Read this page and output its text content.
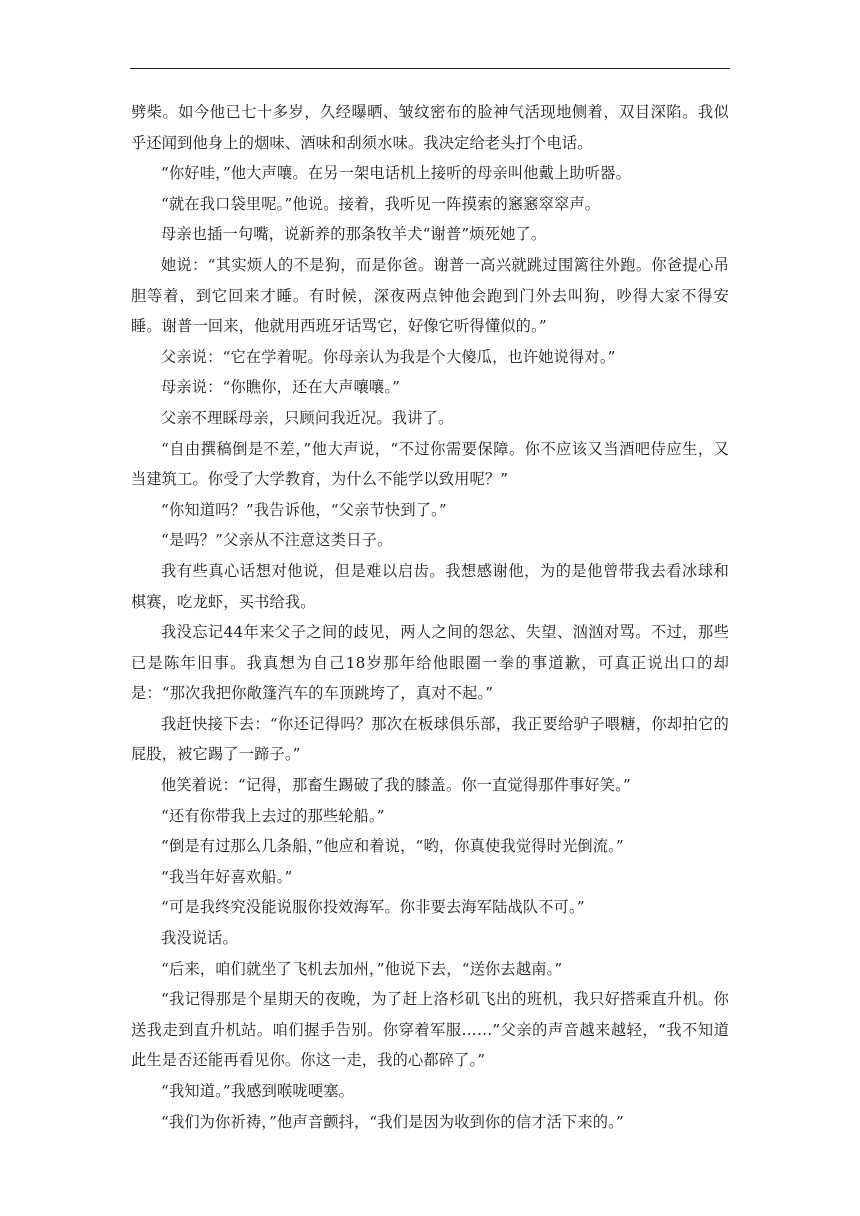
劈柴。如今他已七十多岁，久经曝晒、皱纹密布的脸神气活现地侧着，双目深陷。我似乎还闻到他身上的烟味、酒味和刮须水味。我决定给老头打个电话。

“你好哇，”他大声嚷。在另一架电话机上接听的母亲叫他戴上助听器。

“就在我口袋里呢。”他说。接着，我听见一阵摸索的窸窸窣窣声。

母亲也插一句嘴，说新养的那条牧羊犬“谢普”烦死她了。

她说：“其实烦人的不是狗，而是你爸。谢普一高兴就跳过围篱往外跑。你爸提心吊胆等着，到它回来才睡。有时候，深夜两点钟他会跑到门外去叫狗，吵得大家不得安睡。谢普一回来，他就用西班牙话骂它，好像它听得懂似的。”

父亲说：“它在学着呢。你母亲认为我是个大傻瓜，也许她说得对。”

母亲说：“你瞧你，还在大声嚷嚷。”

父亲不理睬母亲，只顾问我近况。我讲了。

“自由撰稿倒是不差，”他大声说，“不过你需要保障。你不应该又当酒吧侍应生，又当建筑工。你受了大学教育，为什么不能学以致用呢？”

“你知道吗？”我告诉他，“父亲节快到了。”

“是吗？”父亲从不注意这类日子。

我有些真心话想对他说，但是难以启齿。我想感谢他，为的是他曾带我去看冰球和棋赛，吃龙虾，买书给我。

我没忘记44年来父子之间的歧见，两人之间的怨忿、失望、汹汹对骂。不过，那些已是陈年旧事。我真想为自己18岁那年给他眼圈一拳的事道歉，可真正说出口的却是：“那次我把你敞篷汽车的车顶跳垮了，真对不起。”

我赶快接下去：“你还记得吗？那次在板球俱乐部，我正要给驴子喂糖，你却拍它的屁股，被它踢了一蹄子。”

他笑着说：“记得，那畜生踢破了我的膝盖。你一直觉得那件事好笑。”

“还有你带我上去过的那些轮船。”

“倒是有过那么几条船，”他应和着说，“哟，你真使我觉得时光倒流。”

“我当年好喜欢船。”

“可是我终究没能说服你投效海军。你非要去海军陆战队不可。”

我没说话。

“后来，咱们就坐了飞机去加州，”他说下去，“送你去越南。”

“我记得那是个星期天的夜晚，为了赶上洛杉矶飞出的班机，我只好搭乘直升机。你送我走到直升机站。咱们握手告别。你穿着军服……”父亲的声音越来越轻，“我不知道此生是否还能再看见你。你这一走，我的心都碎了。”

“我知道。”我感到喉咙哽塞。

“我们为你祈祷，”他声音颤抖，“我们是因为收到你的信才活下来的。”
